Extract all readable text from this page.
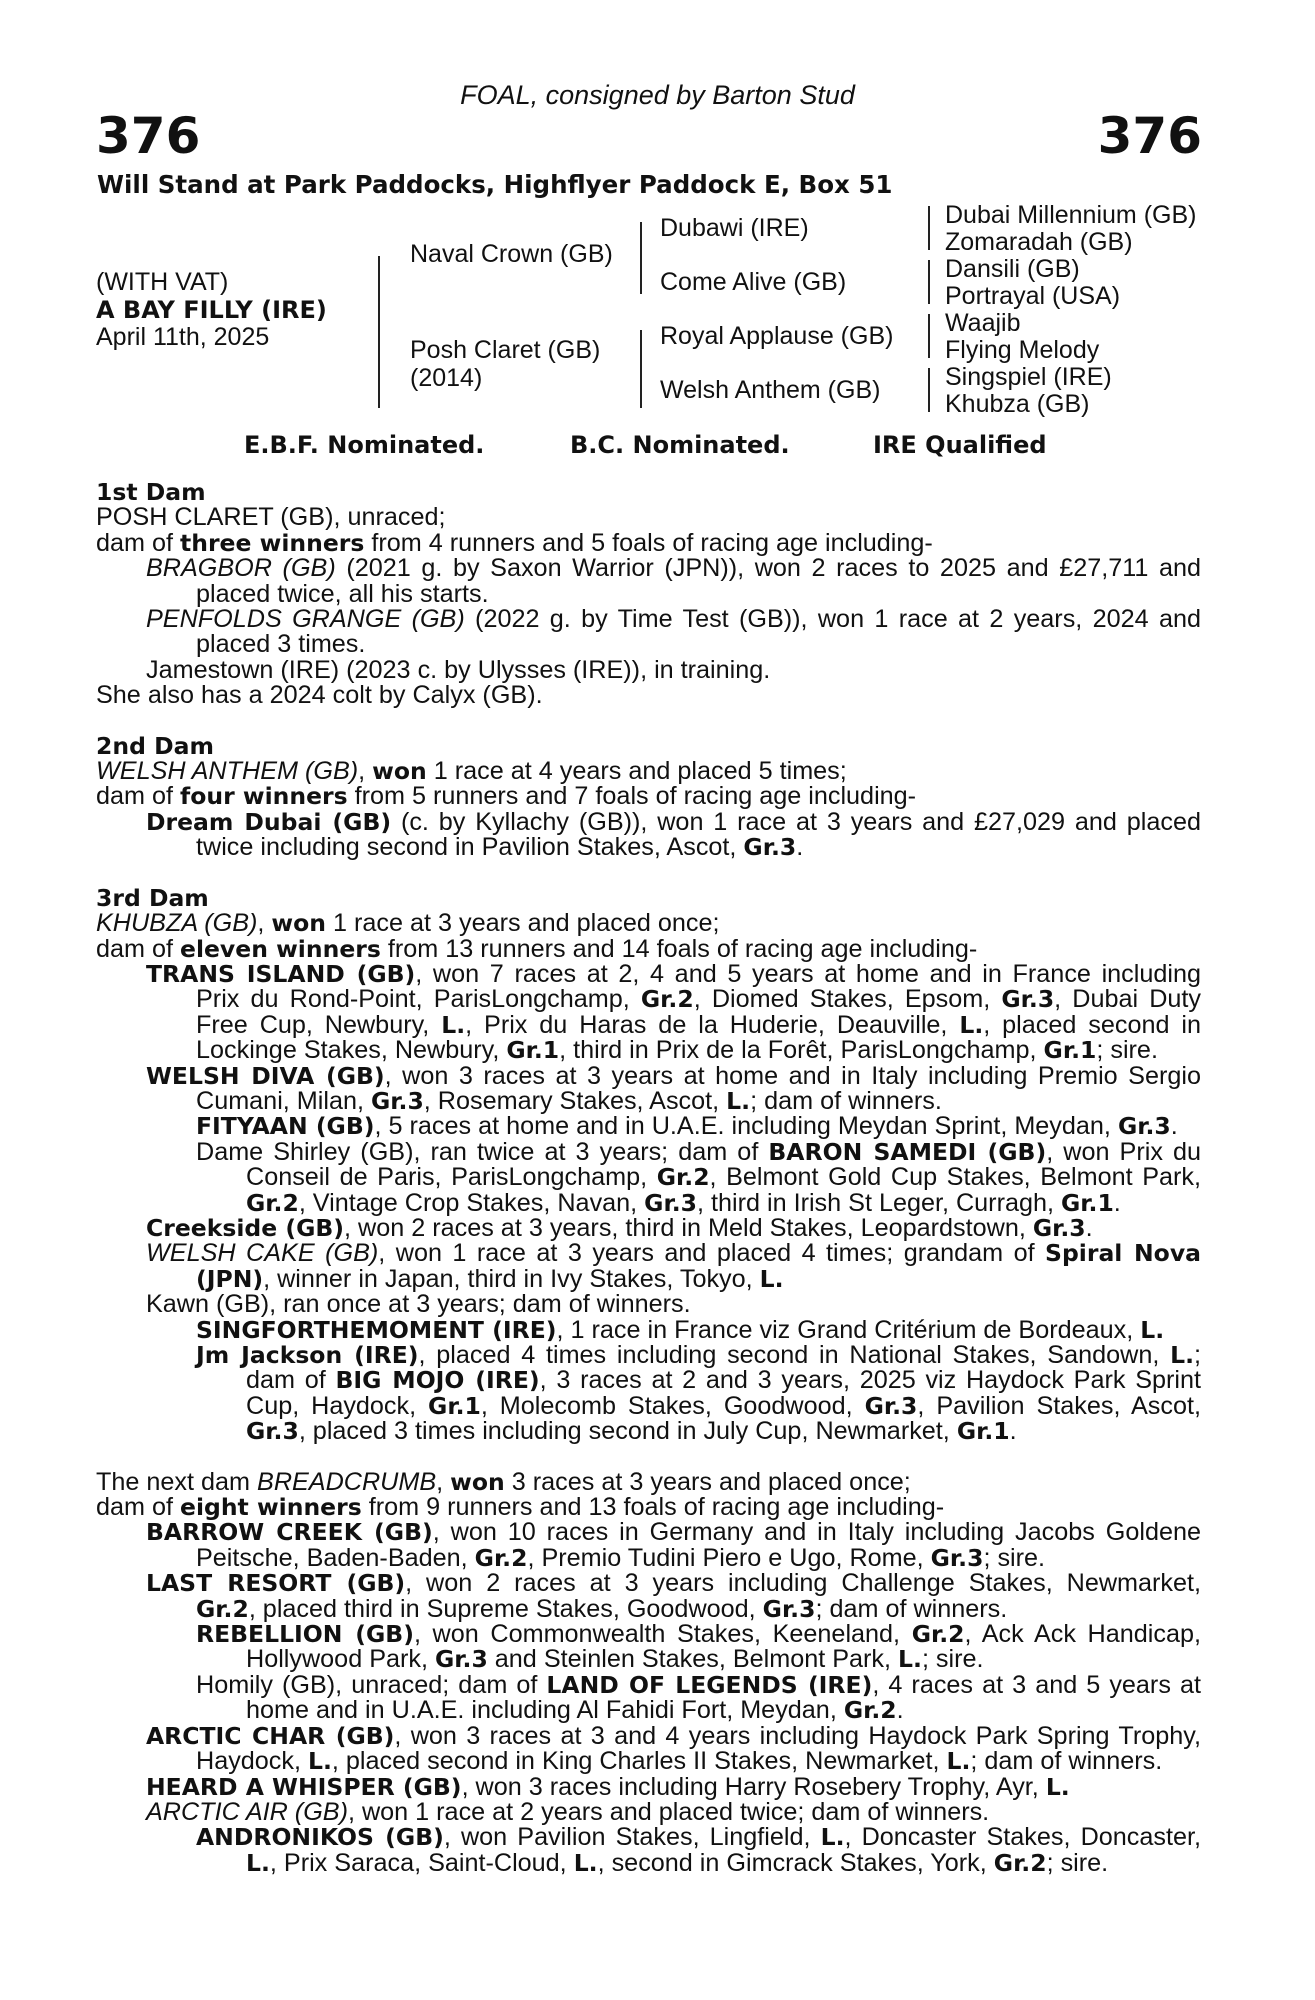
FOAL, consigned by Barton Stud
376	376
Will Stand at Park Paddocks, Highflyer Paddock E, Box 51
(WITH VAT)
A BAY FILLY (IRE)
April 11th, 2025
Naval Crown (GB)
Posh Claret (GB)
(2014)
Dubawi (IRE)
Come Alive (GB)
Royal Applause (GB)
Welsh Anthem (GB)
Dubai Millennium (GB)
Zomaradah (GB)
Dansili (GB)
Portrayal (USA)
Waajib
Flying Melody
Singspiel (IRE)
Khubza (GB)
E.B.F. Nominated.	B.C. Nominated.	IRE Qualified
1st Dam
POSH CLARET (GB), unraced;
dam of three winners from 4 runners and 5 foals of racing age including-
BRAGBOR (GB) (2021 g. by Saxon Warrior (JPN)), won 2 races to 2025 and £27,711 and
placed twice, all his starts.
PENFOLDS GRANGE (GB) (2022 g. by Time Test (GB)), won 1 race at 2 years, 2024 and
placed 3 times.
Jamestown (IRE) (2023 c. by Ulysses (IRE)), in training.
She also has a 2024 colt by Calyx (GB).
2nd Dam
WELSH ANTHEM (GB), won 1 race at 4 years and placed 5 times;
dam of four winners from 5 runners and 7 foals of racing age including-
Dream Dubai (GB) (c. by Kyllachy (GB)), won 1 race at 3 years and £27,029 and placed
twice including second in Pavilion Stakes, Ascot, Gr.3.
3rd Dam
KHUBZA (GB), won 1 race at 3 years and placed once;
dam of eleven winners from 13 runners and 14 foals of racing age including-
TRANS ISLAND (GB), won 7 races at 2, 4 and 5 years at home and in France including
Prix du Rond-Point, ParisLongchamp, Gr.2, Diomed Stakes, Epsom, Gr.3, Dubai Duty
Free Cup, Newbury, L., Prix du Haras de la Huderie, Deauville, L., placed second in
Lockinge Stakes, Newbury, Gr.1, third in Prix de la Forêt, ParisLongchamp, Gr.1; sire.
WELSH DIVA (GB), won 3 races at 3 years at home and in Italy including Premio Sergio
Cumani, Milan, Gr.3, Rosemary Stakes, Ascot, L.; dam of winners.
FITYAAN (GB), 5 races at home and in U.A.E. including Meydan Sprint, Meydan, Gr.3.
Dame Shirley (GB), ran twice at 3 years; dam of BARON SAMEDI (GB), won Prix du
Conseil de Paris, ParisLongchamp, Gr.2, Belmont Gold Cup Stakes, Belmont Park,
Gr.2, Vintage Crop Stakes, Navan, Gr.3, third in Irish St Leger, Curragh, Gr.1.
Creekside (GB), won 2 races at 3 years, third in Meld Stakes, Leopardstown, Gr.3.
WELSH CAKE (GB), won 1 race at 3 years and placed 4 times; grandam of Spiral Nova
(JPN), winner in Japan, third in Ivy Stakes, Tokyo, L.
Kawn (GB), ran once at 3 years; dam of winners.
SINGFORTHEMOMENT (IRE), 1 race in France viz Grand Critérium de Bordeaux, L.
Jm Jackson (IRE), placed 4 times including second in National Stakes, Sandown, L.;
dam of BIG MOJO (IRE), 3 races at 2 and 3 years, 2025 viz Haydock Park Sprint
Cup, Haydock, Gr.1, Molecomb Stakes, Goodwood, Gr.3, Pavilion Stakes, Ascot,
Gr.3, placed 3 times including second in July Cup, Newmarket, Gr.1.
The next dam BREADCRUMB, won 3 races at 3 years and placed once;
dam of eight winners from 9 runners and 13 foals of racing age including-
BARROW CREEK (GB), won 10 races in Germany and in Italy including Jacobs Goldene
Peitsche, Baden-Baden, Gr.2, Premio Tudini Piero e Ugo, Rome, Gr.3; sire.
LAST RESORT (GB), won 2 races at 3 years including Challenge Stakes, Newmarket,
Gr.2, placed third in Supreme Stakes, Goodwood, Gr.3; dam of winners.
REBELLION (GB), won Commonwealth Stakes, Keeneland, Gr.2, Ack Ack Handicap,
Hollywood Park, Gr.3 and Steinlen Stakes, Belmont Park, L.; sire.
Homily (GB), unraced; dam of LAND OF LEGENDS (IRE), 4 races at 3 and 5 years at
home and in U.A.E. including Al Fahidi Fort, Meydan, Gr.2.
ARCTIC CHAR (GB), won 3 races at 3 and 4 years including Haydock Park Spring Trophy,
Haydock, L., placed second in King Charles II Stakes, Newmarket, L.; dam of winners.
HEARD A WHISPER (GB), won 3 races including Harry Rosebery Trophy, Ayr, L.
ARCTIC AIR (GB), won 1 race at 2 years and placed twice; dam of winners.
ANDRONIKOS (GB), won Pavilion Stakes, Lingfield, L., Doncaster Stakes, Doncaster,
L., Prix Saraca, Saint-Cloud, L., second in Gimcrack Stakes, York, Gr.2; sire.
